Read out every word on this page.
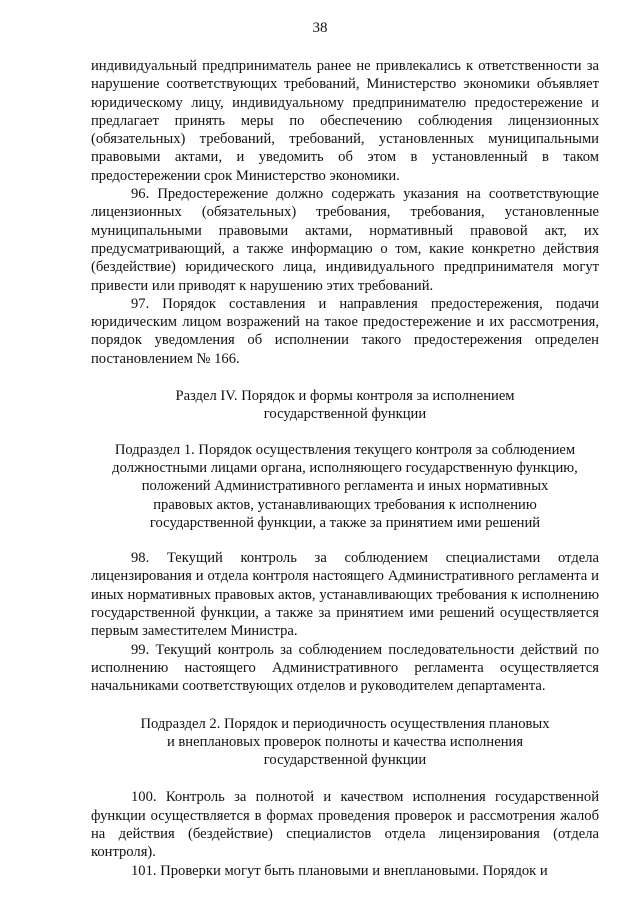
38

индивидуальный предприниматель ранее не привлекались к ответственности за нарушение соответствующих требований, Министерство экономики объявляет юридическому лицу, индивидуальному предпринимателю предостережение и предлагает принять меры по обеспечению соблюдения лицензионных (обязательных) требований, требований, установленных муниципальными правовыми актами, и уведомить об этом в установленный в таком предостережении срок Министерство экономики.

96. Предостережение должно содержать указания на соответствующие лицензионных (обязательных) требования, требования, установленные муниципальными правовыми актами, нормативный правовой акт, их предусматривающий, а также информацию о том, какие конкретно действия (бездействие) юридического лица, индивидуального предпринимателя могут привести или приводят к нарушению этих требований.

97. Порядок составления и направления предостережения, подачи юридическим лицом возражений на такое предостережение и их рассмотрения, порядок уведомления об исполнении такого предостережения определен постановлением № 166.

Раздел IV. Порядок и формы контроля за исполнением
государственной функции
Подраздел 1. Порядок осуществления текущего контроля за соблюдением
должностными лицами органа, исполняющего государственную функцию,
положений Административного регламента и иных нормативных
правовых актов, устанавливающих требования к исполнению
государственной функции, а также за принятием ими решений

98. Текущий контроль за соблюдением специалистами отдела лицензирования и отдела контроля настоящего Административного регламента и иных нормативных правовых актов, устанавливающих требования к исполнению государственной функции, а также за принятием ими решений осуществляется первым заместителем Министра.

99. Текущий контроль за соблюдением последовательности действий по исполнению настоящего Административного регламента осуществляется начальниками соответствующих отделов и руководителем департамента.

Подраздел 2. Порядок и периодичность осуществления плановых
и внеплановых проверок полноты и качества исполнения
государственной функции

100. Контроль за полнотой и качеством исполнения государственной функции осуществляется в формах проведения проверок и рассмотрения жалоб на действия (бездействие) специалистов отдела лицензирования (отдела контроля).

101. Проверки могут быть плановыми и внеплановыми. Порядок и
